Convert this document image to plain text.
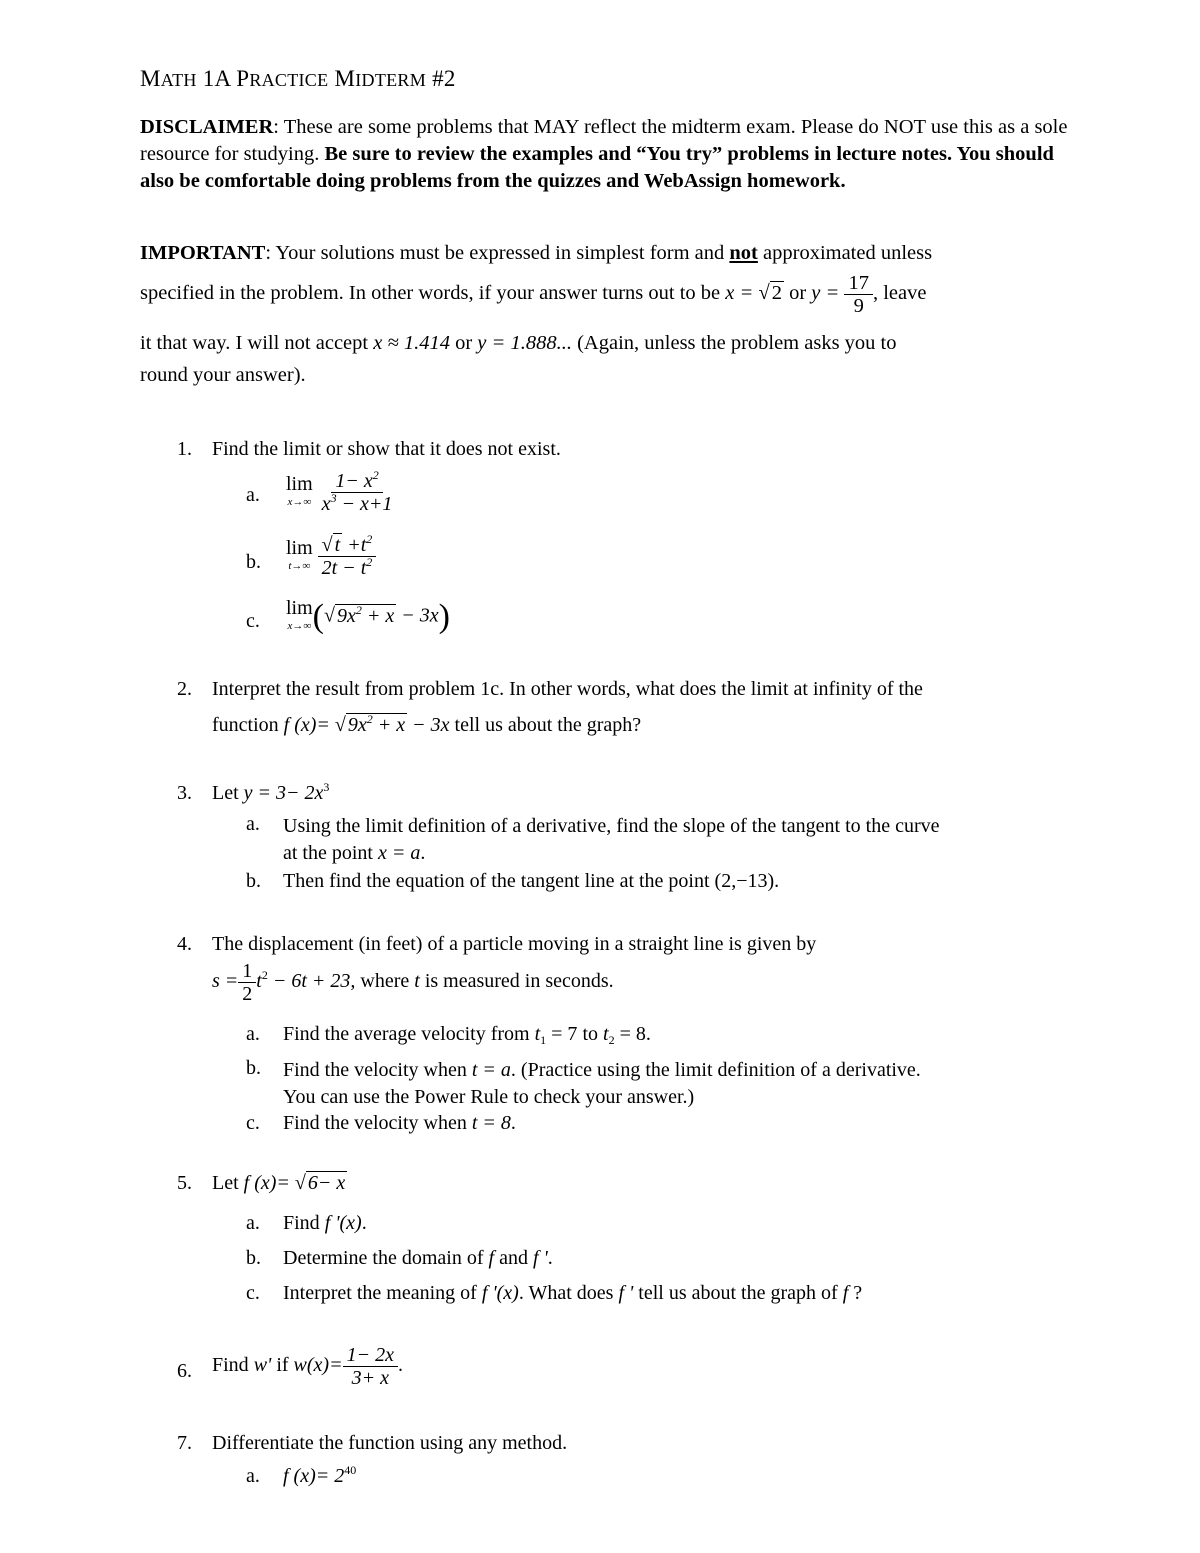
MATH 1A PRACTICE MIDTERM #2
DISCLAIMER: These are some problems that MAY reflect the midterm exam. Please do NOT use this as a sole resource for studying. Be sure to review the examples and “You try” problems in lecture notes. You should also be comfortable doing problems from the quizzes and WebAssign homework.
IMPORTANT: Your solutions must be expressed in simplest form and not approximated unless
specified in the problem. In other words, if your answer turns out to be x = √2 or $y = \frac{17}{9}$ , leave
it that way. I will not accept x ≈ 1.414 or y = 1.888... (Again, unless the problem asks you to
round your answer).
1. Find the limit or show that it does not exist.
a.
lim
x→∞
$\frac{1- x^2}{x^3 - x+1}$
b.
lim
t→∞
$\frac{√ t +t^2}{2t - t^2}$
c.
lim
x→∞ (√ $9x^2 + x - 3x$)
2. Interpret the result from problem 1c. In other words, what does the limit at infinity of the
function f (x)= √ $9x^2 + x - 3x$ tell us about the graph?
3. Let $y = 3- 2x^3$
a. Using the limit definition of a derivative, find the slope of the tangent to the curve
at the point x = a.
b. Then find the equation of the tangent line at the point (2,−13).
4. The displacement (in feet) of a particle moving in a straight line is given by
$s = \frac{1}{2} t^2 - 6t + 23$, where t is measured in seconds.
a. Find the average velocity from $t_1 = 7$ to $t_2 = 8$.
b. Find the velocity when t = a. (Practice using the limit definition of a derivative.
You can use the Power Rule to check your answer.)
c. Find the velocity when t = 8.
5. Let f (x)= √ 6− x
a. Find f '(x).
b. Determine the domain of f and f '.
c. Interpret the meaning of f '(x). What does f ' tell us about the graph of f ?
6. Find w' if $w(x)= \frac{1- 2x}{3+ x}$ .
7. Differentiate the function using any method.
a. f $(x)= 2^{40}$
